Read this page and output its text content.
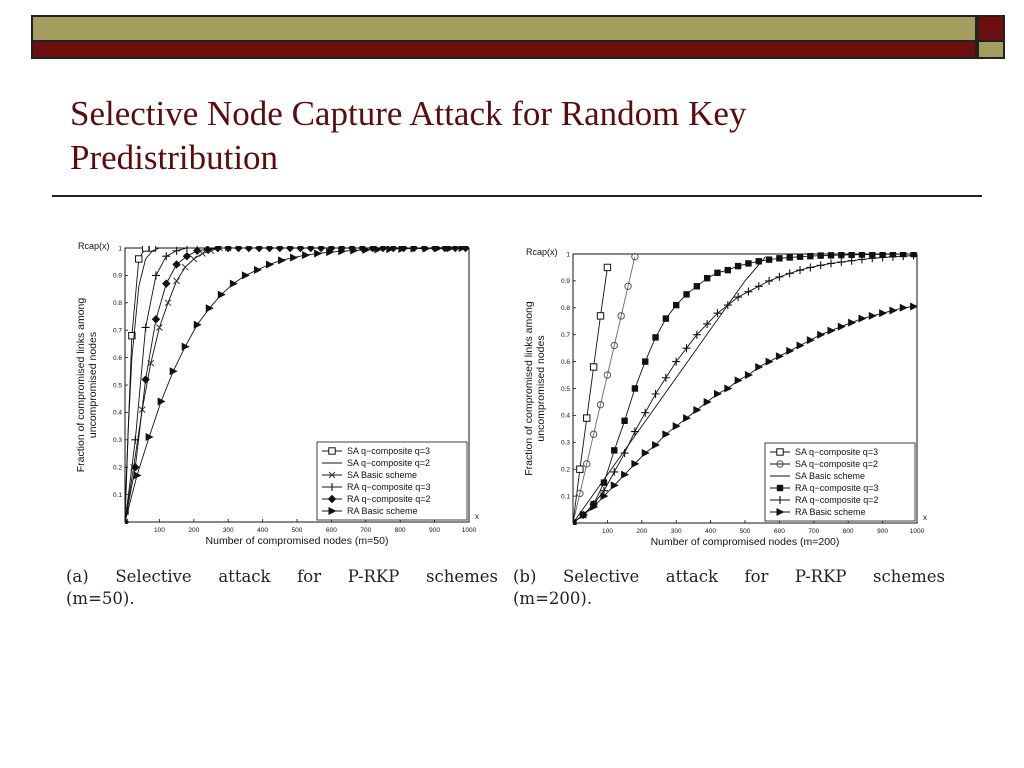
Selective Node Capture Attack for Random Key Predistribution
100	200	300	400	500	600	700	800	900	1000
0.1
0.2
0.3
0.4
0.5
0.6
0.7
0.8
0.9
1
Rcap(x)
x
Number of compromised nodes (m=50)
Fraction of compromised links amonguncompromised nodes
SA q−composite q=3
SA q−composite q=2
SA Basic scheme
RA q−composite q=3
RA q−composite q=2
RA Basic scheme
100	200	300	400	500	600	700	800	900	1000
0.1
0.2
0.3
0.4
0.5
0.6
0.7
0.8
0.9
1
Rcap(x)
x
Number of compromised nodes (m=200)
Fraction of compromised links amonguncompromised nodes
SA q−composite q=3
SA q−composite q=2
SA Basic scheme
RA q−composite q=3
RA q−composite q=2
RA Basic scheme
(a) Selective attack for P-RKP schemes
(m=50).
(b) Selective attack for P-RKP schemes
(m=200).
